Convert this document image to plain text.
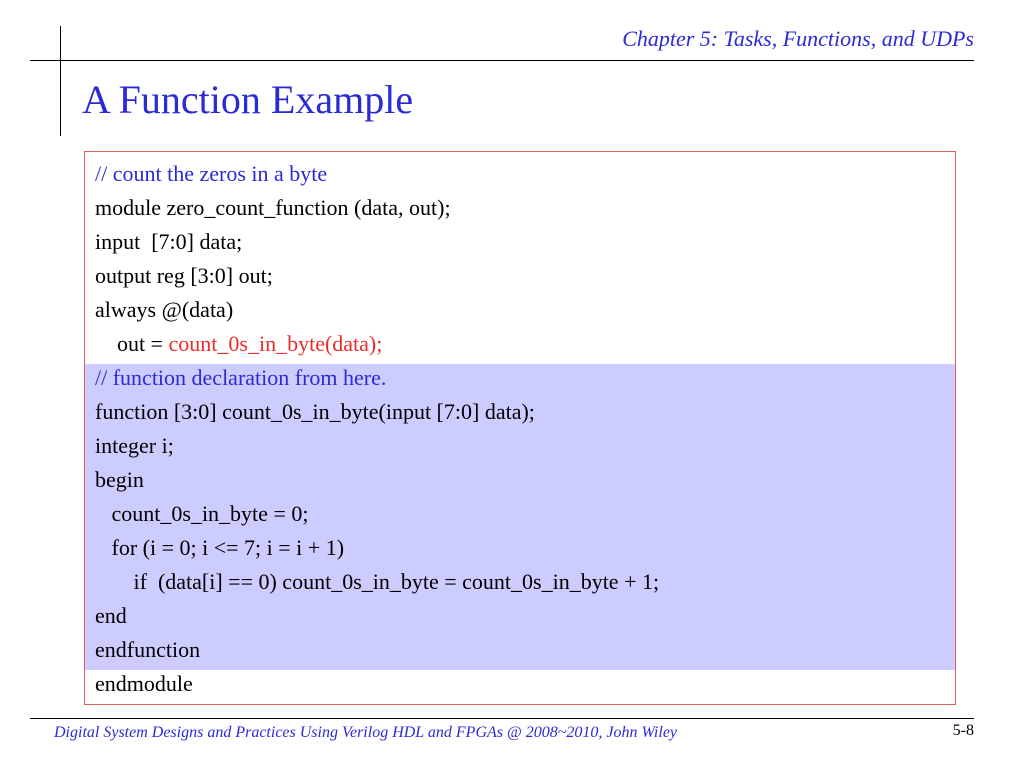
Chapter 5: Tasks, Functions, and UDPs
A Function Example
// count the zeros in a byte
module zero_count_function (data, out);
input  [7:0] data;
output reg [3:0] out;
always @(data)
out = count_0s_in_byte(data);
// function declaration from here.
function [3:0] count_0s_in_byte(input [7:0] data);
integer i;
begin
count_0s_in_byte = 0;
for (i = 0; i <= 7; i = i + 1)
if  (data[i] == 0) count_0s_in_byte = count_0s_in_byte + 1;
end
endfunction
endmodule
Digital System Designs and Practices Using Verilog HDL and FPGAs @ 2008~2010, John Wiley	5-8
